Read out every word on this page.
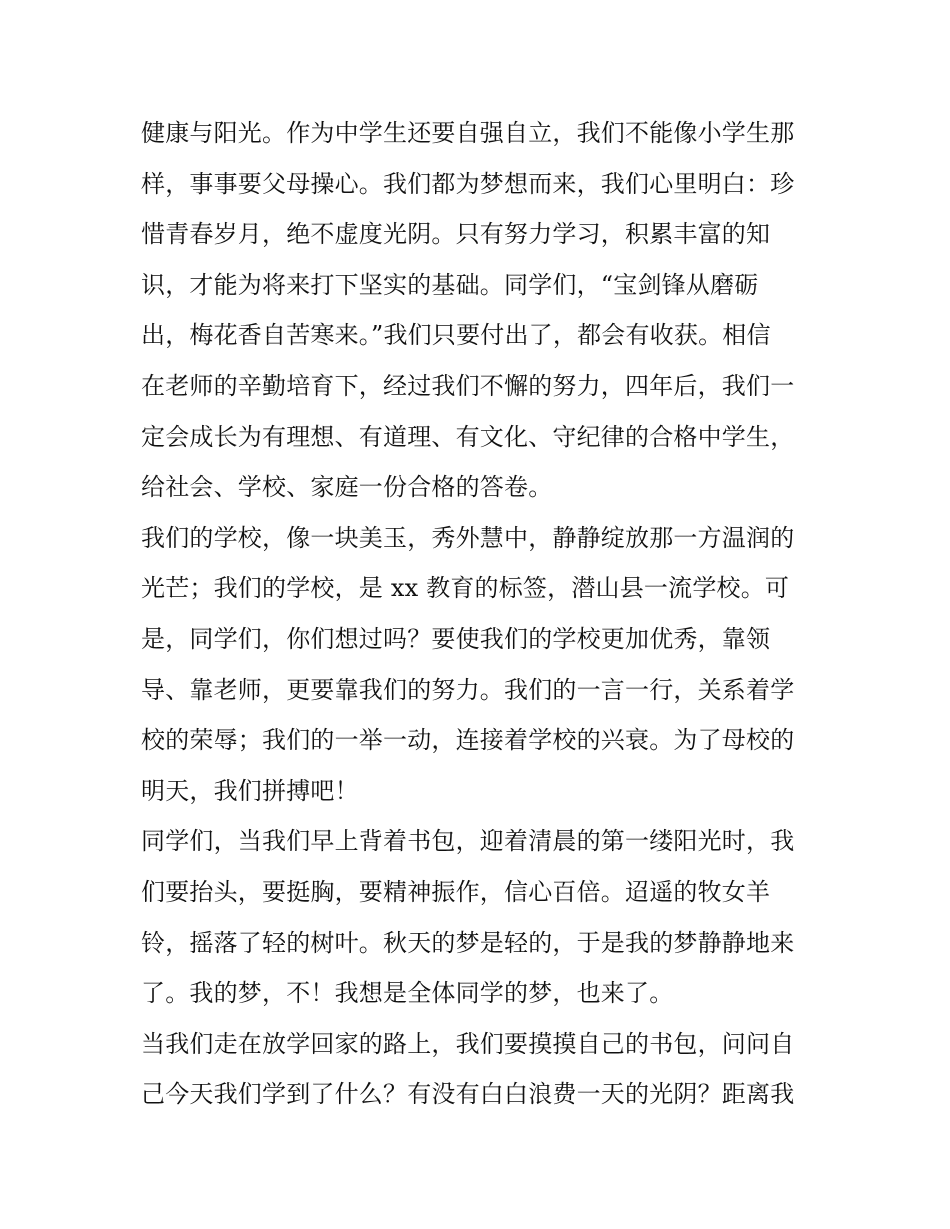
健康与阳光。作为中学生还要自强自立，我们不能像小学生那
样，事事要父母操心。我们都为梦想而来，我们心里明白：珍
惜青春岁月，绝不虚度光阴。只有努力学习，积累丰富的知
识，才能为将来打下坚实的基础。同学们，“宝剑锋从磨砺
出，梅花香自苦寒来。”我们只要付出了，都会有收获。相信
在老师的辛勤培育下，经过我们不懈的努力，四年后，我们一
定会成长为有理想、有道理、有文化、守纪律的合格中学生，
给社会、学校、家庭一份合格的答卷。
我们的学校，像一块美玉，秀外慧中，静静绽放那一方温润的
光芒；我们的学校，是 xx 教育的标签，潜山县一流学校。可
是，同学们，你们想过吗？要使我们的学校更加优秀，靠领
导、靠老师，更要靠我们的努力。我们的一言一行，关系着学
校的荣辱；我们的一举一动，连接着学校的兴衰。为了母校的
明天，我们拼搏吧！
同学们，当我们早上背着书包，迎着清晨的第一缕阳光时，我
们要抬头，要挺胸，要精神振作，信心百倍。迢遥的牧女羊
铃，摇落了轻的树叶。秋天的梦是轻的，于是我的梦静静地来
了。我的梦，不！我想是全体同学的梦，也来了。
当我们走在放学回家的路上，我们要摸摸自己的书包，问问自
己今天我们学到了什么？有没有白白浪费一天的光阴？距离我
